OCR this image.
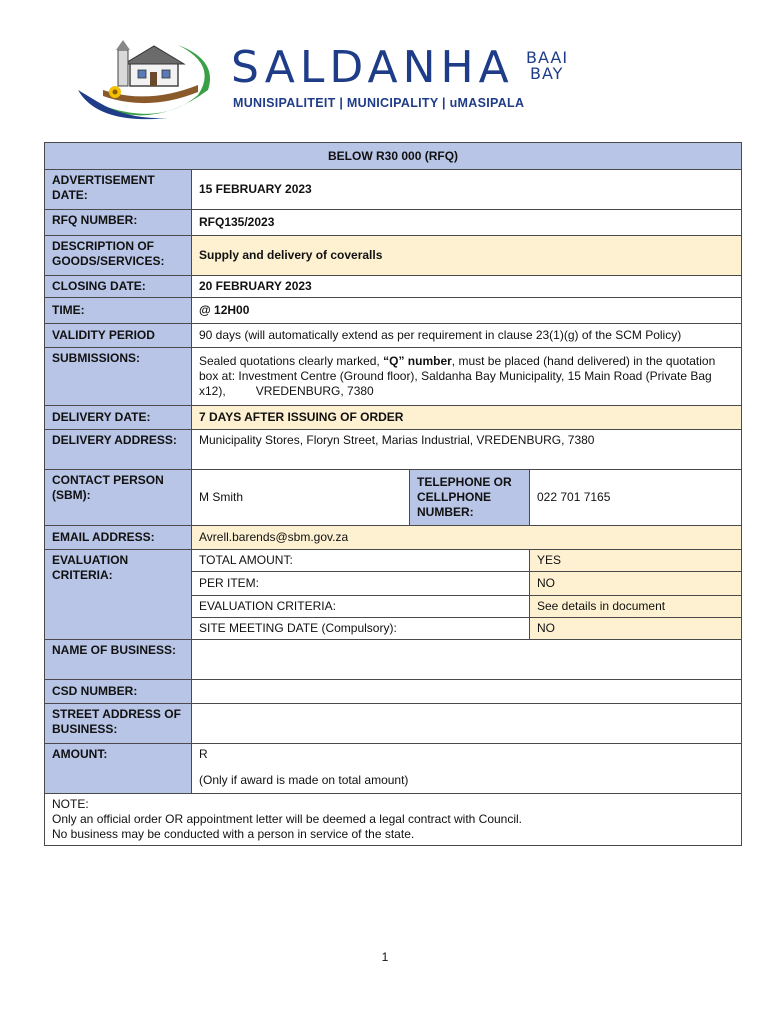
SALDANHA BAAI
BAY
MUNISIPALITEIT | MUNICIPALITY | uMASIPALA
BELOW R30 000 (RFQ)			
ADVERTISEMENT DATE:	15 FEBRUARY 2023		
RFQ NUMBER:	RFQ135/2023		
DESCRIPTION OF GOODS/SERVICES:	Supply and delivery of coveralls		
CLOSING DATE:	20 FEBRUARY 2023		
TIME:	@ 12H00		
VALIDITY PERIOD	90 days (will automatically extend as per requirement in clause 23(1)(g) of the SCM Policy)		
SUBMISSIONS:	Sealed quotations clearly marked, “Q” number, must be placed (hand delivered) in the quotation box at: Investment Centre (Ground floor), Saldanha Bay Municipality, 15 Main Road (Private Bag x12), VREDENBURG, 7380		
DELIVERY DATE:	7 DAYS AFTER ISSUING OF ORDER		
DELIVERY ADDRESS:	Municipality Stores, Floryn Street, Marias Industrial, VREDENBURG, 7380		
CONTACT PERSON (SBM):	M Smith	TELEPHONE OR CELLPHONE NUMBER:	022 701 7165
EMAIL ADDRESS:	Avrell.barends@sbm.gov.za		
EVALUATION CRITERIA:	TOTAL AMOUNT:		YES
	PER ITEM:		NO
	EVALUATION CRITERIA:		See details in document
	SITE MEETING DATE (Compulsory):		NO
NAME OF BUSINESS:			
CSD NUMBER:			
STREET ADDRESS OF BUSINESS:			
AMOUNT:	R
(Only if award is made on total amount)		

NOTE:
Only an official order OR appointment letter will be deemed a legal contract with Council.
No business may be conducted with a person in service of the state.			
1
